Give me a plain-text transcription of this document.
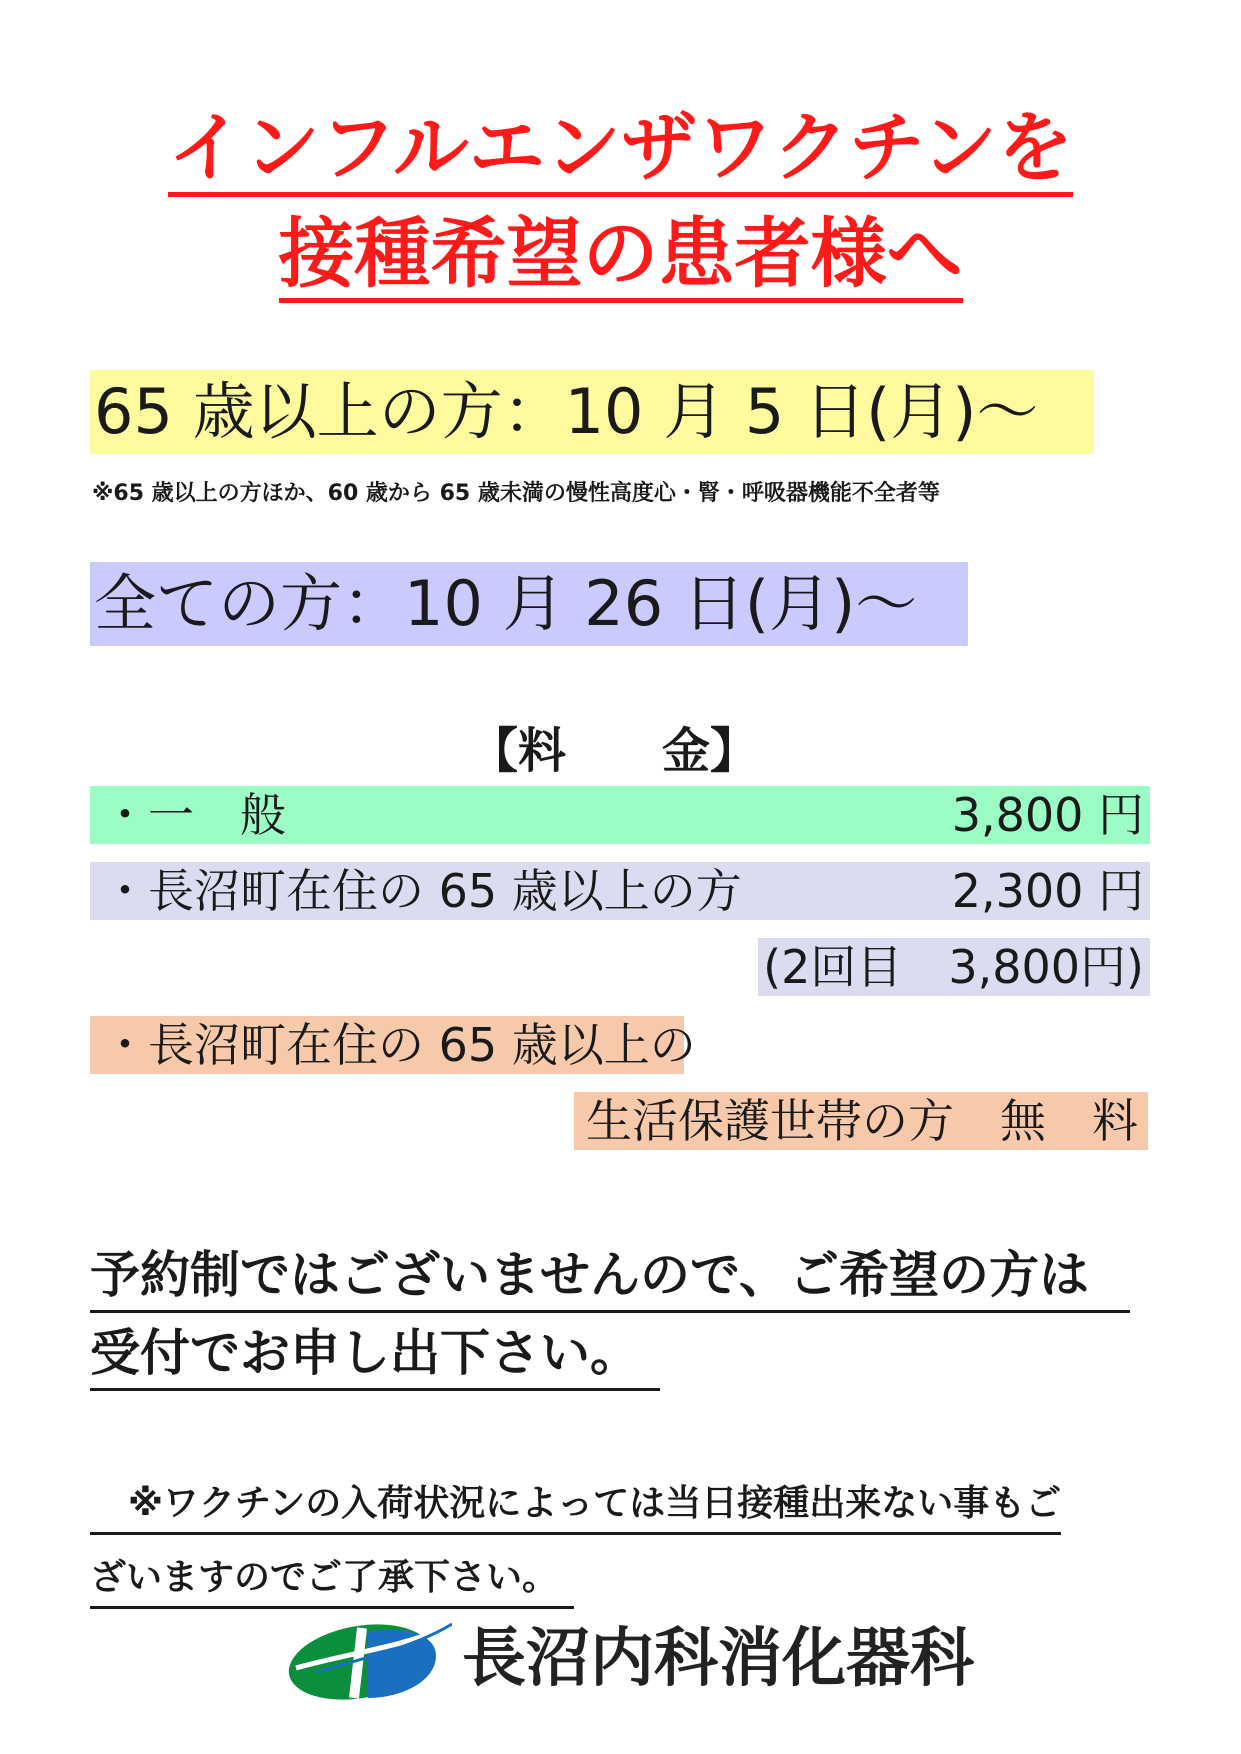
インフルエンザワクチンを
接種希望の患者様へ
65 歳以上の方：10 月 5 日(月)～
※65 歳以上の方ほか、60 歳から 65 歳未満の慢性高度心・腎・呼吸器機能不全者等
全ての方：10 月 26 日(月)～
【料　　金】
・一　般	3,800 円
・長沼町在住の 65 歳以上の方	2,300 円
(2回目　3,800円)
・長沼町在住の 65 歳以上の
生活保護世帯の方　無　料
予約制ではございませんので、ご希望の方は
受付でお申し出下さい。
※ワクチンの入荷状況によっては当日接種出来ない事もご
ざいますのでご了承下さい。
長沼内科消化器科
